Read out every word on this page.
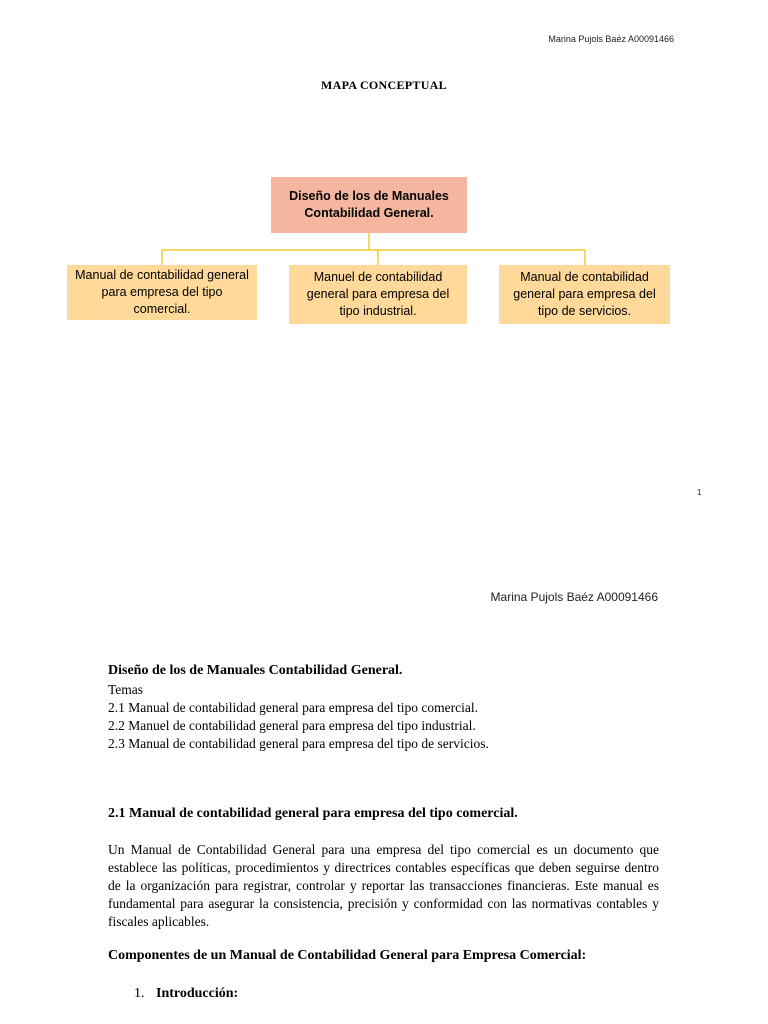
Marina Pujols Baéz A00091466
MAPA CONCEPTUAL
Diseño de los de Manuales Contabilidad General.
Manual de contabilidad general para empresa del tipo comercial.
Manuel de contabilidad general para empresa del tipo industrial.
Manual de contabilidad general para empresa del tipo de servicios.
1
Marina Pujols Baéz A00091466
Diseño de los de Manuales Contabilidad General.
Temas
2.1 Manual de contabilidad general para empresa del tipo comercial.
2.2 Manuel de contabilidad general para empresa del tipo industrial.
2.3 Manual de contabilidad general para empresa del tipo de servicios.
2.1 Manual de contabilidad general para empresa del tipo comercial.
Un Manual de Contabilidad General para una empresa del tipo comercial es un documento que establece las políticas, procedimientos y directrices contables específicas que deben seguirse dentro de la organización para registrar, controlar y reportar las transacciones financieras. Este manual es fundamental para asegurar la consistencia, precisión y conformidad con las normativas contables y fiscales aplicables.
Componentes de un Manual de Contabilidad General para Empresa Comercial:
1. Introducción:
